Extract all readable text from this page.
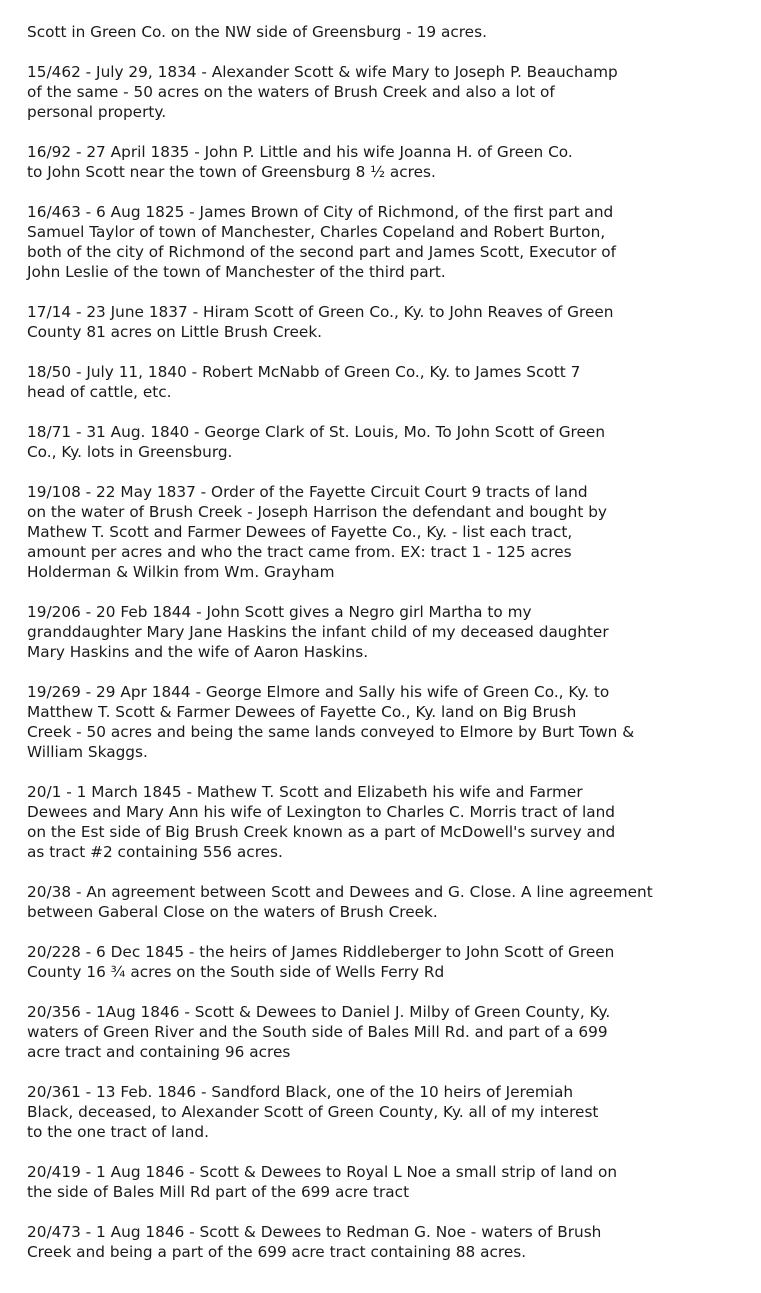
Scott in Green Co. on the NW side of Greensburg - 19 acres.
15/462 - July 29, 1834 - Alexander Scott & wife Mary to Joseph P. Beauchamp
of the same - 50 acres on the waters of Brush Creek and also a lot of
personal property.
16/92 - 27 April 1835 - John P. Little and his wife Joanna H. of Green Co.
to John Scott near the town of Greensburg 8 ½ acres.
16/463 - 6 Aug 1825 - James Brown of City of Richmond, of the first part and
Samuel Taylor of town of Manchester, Charles Copeland and Robert Burton,
both of the city of Richmond of the second part and James Scott, Executor of
John Leslie of the town of Manchester of the third part.
17/14 - 23 June 1837 - Hiram Scott of Green Co., Ky. to John Reaves of Green
County 81 acres on Little Brush Creek.
18/50 - July 11, 1840 - Robert McNabb of Green Co., Ky. to James Scott 7
head of cattle, etc.
18/71 - 31 Aug. 1840 - George Clark of St. Louis, Mo. To John Scott of Green
Co., Ky. lots in Greensburg.
19/108 - 22 May 1837 - Order of the Fayette Circuit Court 9 tracts of land
on the water of Brush Creek - Joseph Harrison the defendant and bought by
Mathew T. Scott and Farmer Dewees of Fayette Co., Ky. - list each tract,
amount per acres and who the tract came from. EX: tract 1 - 125 acres
Holderman & Wilkin from Wm. Grayham
19/206 - 20 Feb 1844 - John Scott gives a Negro girl Martha to my
granddaughter Mary Jane Haskins the infant child of my deceased daughter
Mary Haskins and the wife of Aaron Haskins.
19/269 - 29 Apr 1844 - George Elmore and Sally his wife of Green Co., Ky. to
Matthew T. Scott & Farmer Dewees of Fayette Co., Ky. land on Big Brush
Creek - 50 acres and being the same lands conveyed to Elmore by Burt Town &
William Skaggs.
20/1 - 1 March 1845 - Mathew T. Scott and Elizabeth his wife and Farmer
Dewees and Mary Ann his wife of Lexington to Charles C. Morris tract of land
on the Est side of Big Brush Creek known as a part of McDowell's survey and
as tract #2 containing 556 acres.
20/38 - An agreement between Scott and Dewees and G. Close. A line agreement
between Gaberal Close on the waters of Brush Creek.
20/228 - 6 Dec 1845 - the heirs of James Riddleberger to John Scott of Green
County 16 ¾ acres on the South side of Wells Ferry Rd
20/356 - 1Aug 1846 - Scott & Dewees to Daniel J. Milby of Green County, Ky.
waters of Green River and the South side of Bales Mill Rd. and part of a 699
acre tract and containing 96 acres
20/361 - 13 Feb. 1846 - Sandford Black, one of the 10 heirs of Jeremiah
Black, deceased, to Alexander Scott of Green County, Ky. all of my interest
to the one tract of land.
20/419 - 1 Aug 1846 - Scott & Dewees to Royal L Noe a small strip of land on
the side of Bales Mill Rd part of the 699 acre tract
20/473 - 1 Aug 1846 - Scott & Dewees to Redman G. Noe - waters of Brush
Creek and being a part of the 699 acre tract containing 88 acres.
